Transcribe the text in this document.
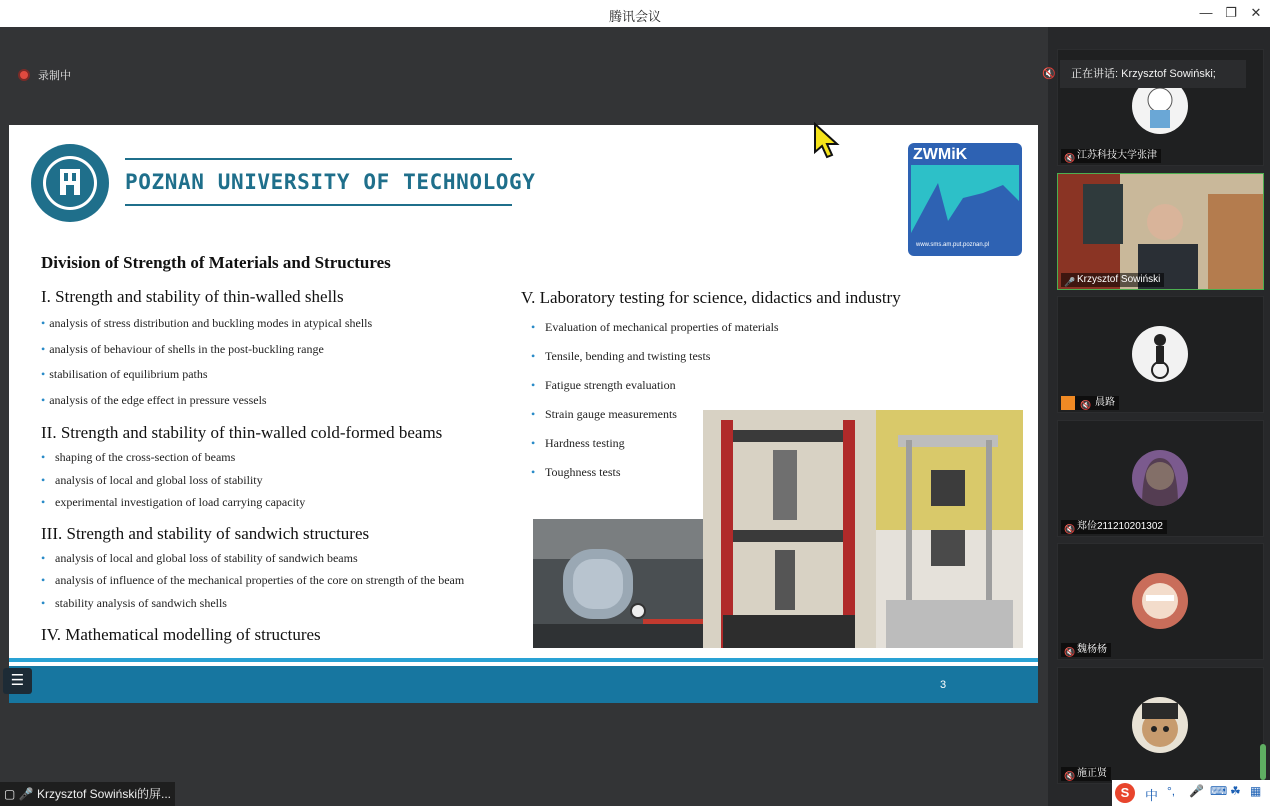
腾讯会议	— ❐	✕
录制中
POZNAN UNIVERSITY OF TECHNOLOGY
ZWMiK
www.sms.am.put.poznan.pl
Division of Strength of Materials and Structures
I. Strength and stability of thin-walled shells
• analysis of stress distribution and buckling modes in atypical shells
• analysis of behaviour of shells in the post-buckling range
• stabilisation of equilibrium paths
• analysis of the edge effect in pressure vessels
II. Strength and stability of thin-walled cold-formed beams
• shaping of the cross-section of beams
• analysis of local and global loss of stability
• experimental investigation of load carrying capacity
III. Strength and stability of sandwich structures
• analysis of local and global loss of stability of sandwich beams
• analysis of influence of the mechanical properties of the core on strength of the beam
• stability analysis of sandwich shells
IV. Mathematical modelling of structures
V. Laboratory testing for science, didactics and industry
• Evaluation of mechanical properties of materials
• Tensile, bending and twisting tests
• Fatigue strength evaluation
• Strain gauge measurements
• Hardness testing
• Toughness tests
3
☰
▢ 🎤 Krzysztof Sowiński的屏...
🔇 江苏科技大学张津
🎤 Krzysztof Sowiński
🔇 晨路
🔇 郑俭211210201302
🔇 魏杨杨
🔇 施正贤
🔇 正在讲话: Krzysztof Sowiński;
S	中 °, 🎤 ⌨ ☘ ▦
